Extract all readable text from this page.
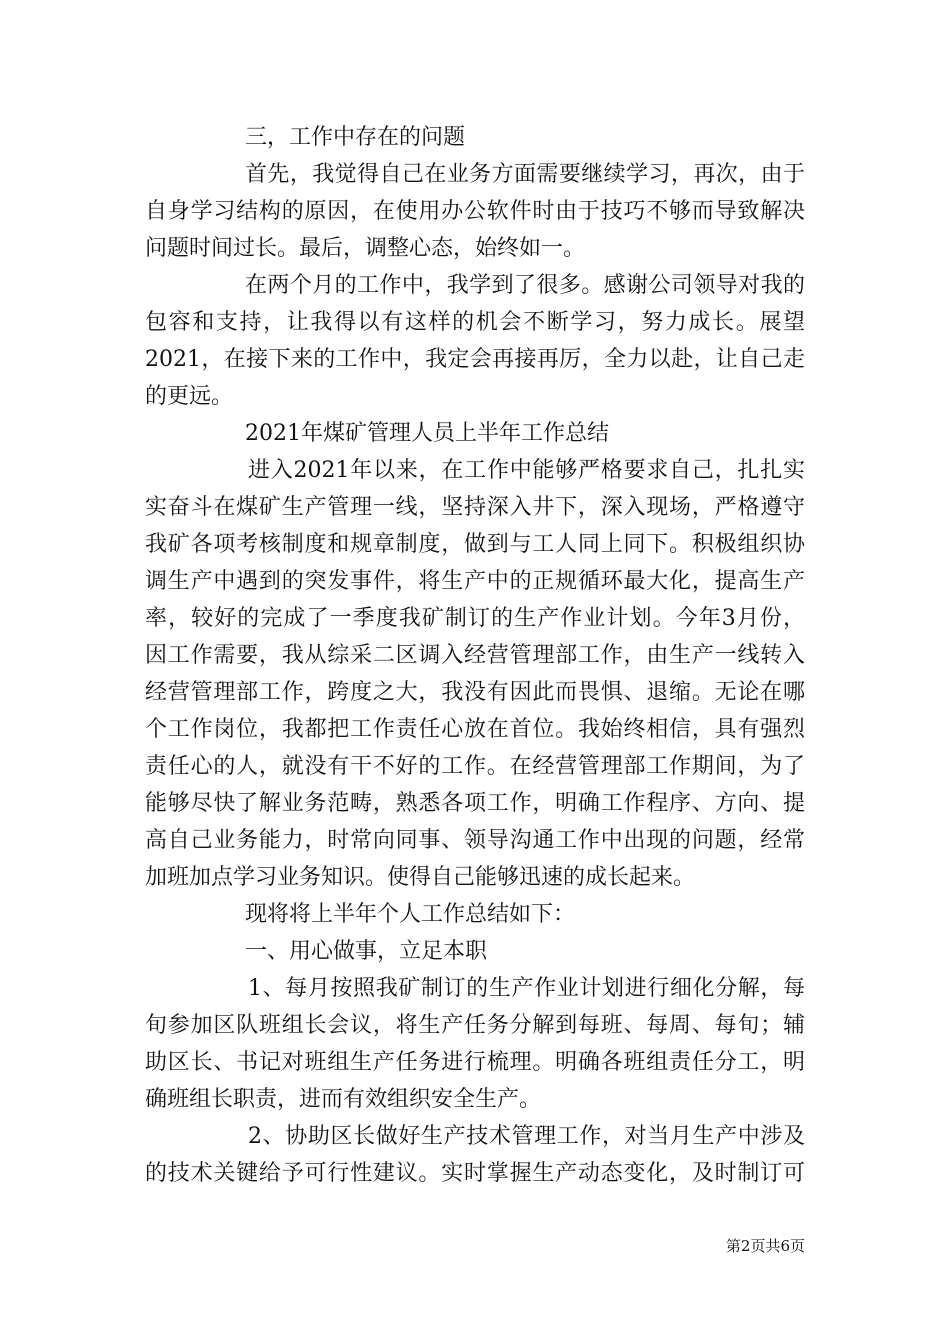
三，工作中存在的问题
首先，我觉得自己在业务方面需要继续学习，再次，由于
自身学习结构的原因，在使用办公软件时由于技巧不够而导致解决
问题时间过长。最后，调整心态，始终如一。
在两个月的工作中，我学到了很多。感谢公司领导对我的
包容和支持，让我得以有这样的机会不断学习，努力成长。展望
2021，在接下来的工作中，我定会再接再厉，全力以赴，让自己走
的更远。
2021年煤矿管理人员上半年工作总结
进入2021年以来，在工作中能够严格要求自己，扎扎实
实奋斗在煤矿生产管理一线，坚持深入井下，深入现场，严格遵守
我矿各项考核制度和规章制度，做到与工人同上同下。积极组织协
调生产中遇到的突发事件，将生产中的正规循环最大化，提高生产
率，较好的完成了一季度我矿制订的生产作业计划。今年3月份，
因工作需要，我从综采二区调入经营管理部工作，由生产一线转入
经营管理部工作，跨度之大，我没有因此而畏惧、退缩。无论在哪
个工作岗位，我都把工作责任心放在首位。我始终相信，具有强烈
责任心的人，就没有干不好的工作。在经营管理部工作期间，为了
能够尽快了解业务范畴，熟悉各项工作，明确工作程序、方向、提
高自己业务能力，时常向同事、领导沟通工作中出现的问题，经常
加班加点学习业务知识。使得自己能够迅速的成长起来。
现将将上半年个人工作总结如下：
一、用心做事，立足本职
1、每月按照我矿制订的生产作业计划进行细化分解，每
旬参加区队班组长会议，将生产任务分解到每班、每周、每旬；辅
助区长、书记对班组生产任务进行梳理。明确各班组责任分工，明
确班组长职责，进而有效组织安全生产。
2、协助区长做好生产技术管理工作，对当月生产中涉及
的技术关键给予可行性建议。实时掌握生产动态变化，及时制订可
第2页共6页
